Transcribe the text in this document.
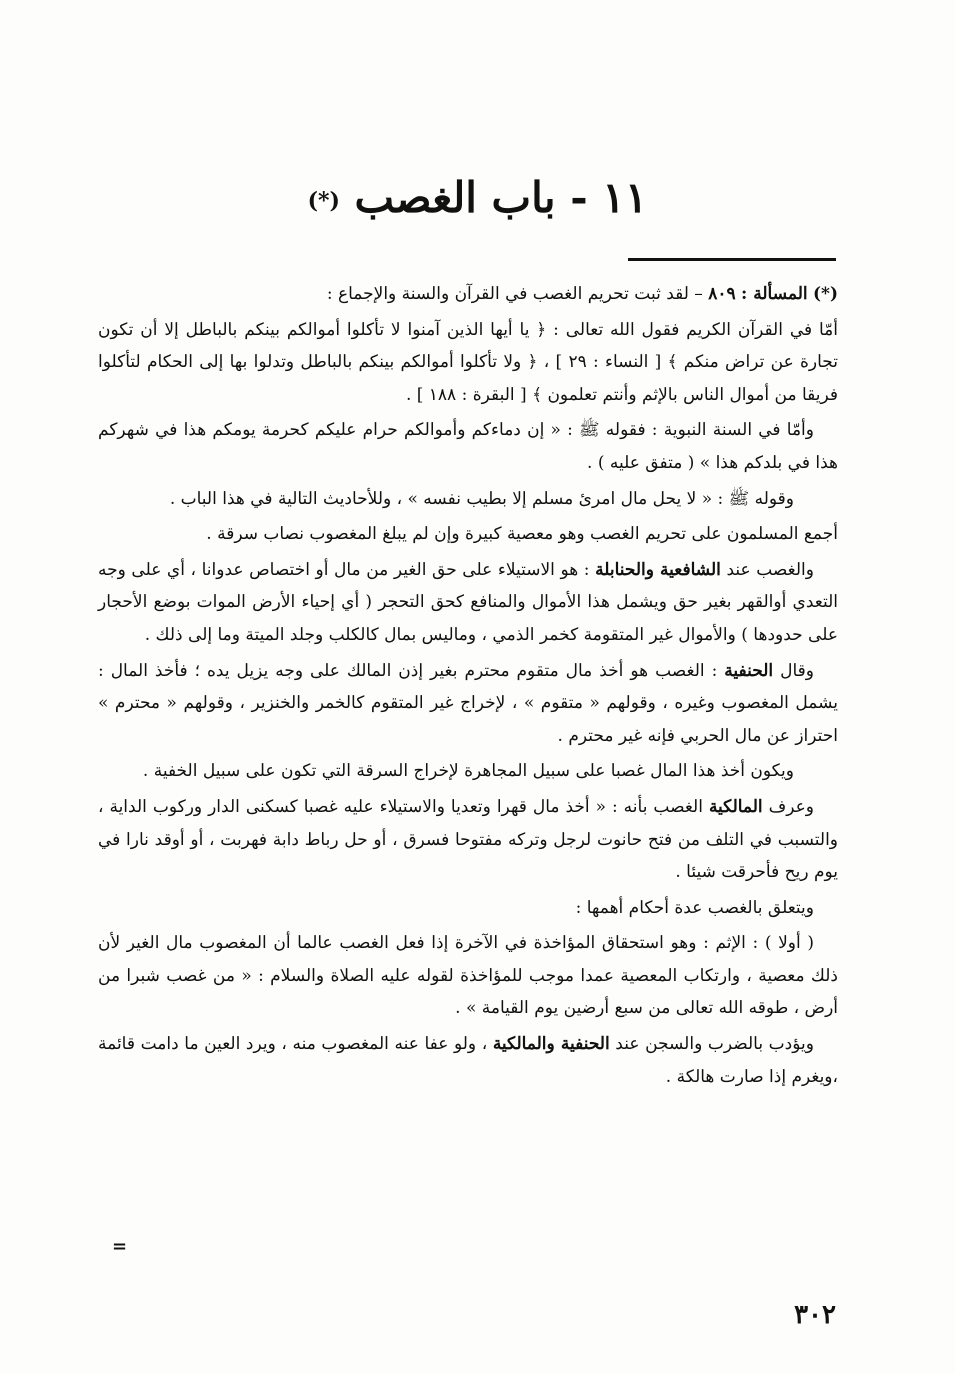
١١ - باب الغصب (*)

(*) المسألة : ٨٠٩ – لقد ثبت تحريم الغصب في القرآن والسنة والإجماع :

أمّا في القرآن الكريم فقول الله تعالى : ﴿ يا أيها الذين آمنوا لا تأكلوا أموالكم بينكم بالباطل إلا أن تكون تجارة عن تراض منكم ﴾ [ النساء : ٢٩ ] ، ﴿ ولا تأكلوا أموالكم بينكم بالباطل وتدلوا بها إلى الحكام لتأكلوا فريقا من أموال الناس بالإثم وأنتم تعلمون ﴾ [ البقرة : ١٨٨ ] .

وأمّا في السنة النبوية : فقوله ﷺ : « إن دماءكم وأموالكم حرام عليكم كحرمة يومكم هذا في شهركم هذا في بلدكم هذا » ( متفق عليه ) .

وقوله ﷺ : « لا يحل مال امرئ مسلم إلا بطيب نفسه » ، وللأحاديث التالية في هذا الباب .

أجمع المسلمون على تحريم الغصب وهو معصية كبيرة وإن لم يبلغ المغصوب نصاب سرقة .

والغصب عند الشافعية والحنابلة : هو الاستيلاء على حق الغير من مال أو اختصاص عدوانا ، أي على وجه التعدي أوالقهر بغير حق ويشمل هذا الأموال والمنافع كحق التحجر ( أي إحياء الأرض الموات بوضع الأحجار على حدودها ) والأموال غير المتقومة كخمر الذمي ، ومالیس بمال كالكلب وجلد الميتة وما إلى ذلك .

وقال الحنفية : الغصب هو أخذ مال متقوم محترم بغير إذن المالك على وجه يزيل يده ؛ فأخذ المال : يشمل المغصوب وغيره ، وقولهم « متقوم » ، لإخراج غير المتقوم كالخمر والخنزير ، وقولهم « محترم » احتراز عن مال الحربي فإنه غير محترم .

ويكون أخذ هذا المال غصبا على سبيل المجاهرة لإخراج السرقة التي تكون على سبيل الخفية .

وعرف المالكية الغصب بأنه : « أخذ مال قهرا وتعديا والاستيلاء عليه غصبا كسكنى الدار وركوب الداية ، والتسبب في التلف من فتح حانوت لرجل وتركه مفتوحا فسرق ، أو حل رباط دابة فهربت ، أو أوقد نارا في يوم ريح فأحرقت شيئا .

ويتعلق بالغصب عدة أحكام أهمها :

( أولا ) : الإثم : وهو استحقاق المؤاخذة في الآخرة إذا فعل الغصب عالما أن المغصوب مال الغير لأن ذلك معصية ، وارتكاب المعصية عمدا موجب للمؤاخذة لقوله عليه الصلاة والسلام : « من غصب شبرا من أرض ، طوقه الله تعالى من سبع أرضين يوم القيامة » .

ويؤدب بالضرب والسجن عند الحنفية والمالكية ، ولو عفا عنه المغصوب منه ، ويرد العين ما دامت قائمة ،ويغرم إذا صارت هالكة .

=
٣٠٢
